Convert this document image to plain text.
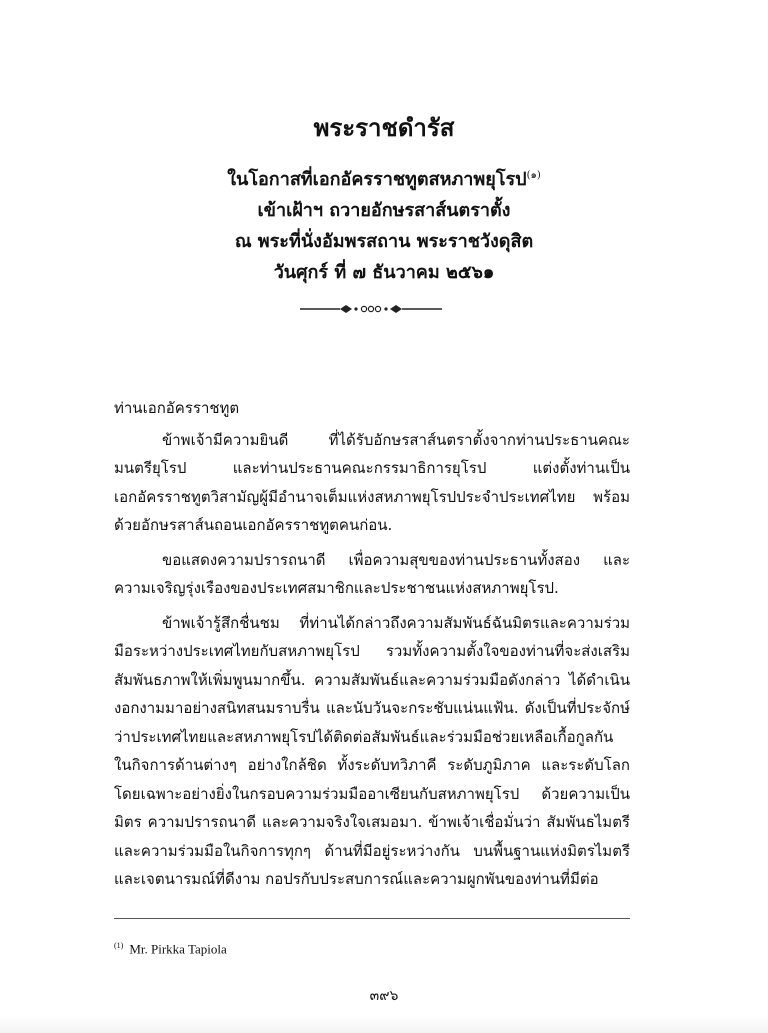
พระราชดำรัส
ในโอกาสที่เอกอัครราชทูตสหภาพยุโรป$^{(๑)}$
เข้าเฝ้าฯ ถวายอักษรสาส์นตราตั้ง
ณ พระที่นั่งอัมพรสถาน พระราชวังดุสิต
วันศุกร์ ที่ ๗ ธันวาคม ๒๕๖๑

ท่านเอกอัครราชทูต

ข้าพเจ้ามีความยินดี ที่ได้รับอักษรสาส์นตราตั้งจากท่านประธานคณะมนตรียุโรป และท่านประธานคณะกรรมาธิการยุโรป แต่งตั้งท่านเป็นเอกอัครราชทูตวิสามัญผู้มีอำนาจเต็มแห่งสหภาพยุโรปประจำประเทศไทย พร้อมด้วยอักษรสาส์นถอนเอกอัครราชทูตคนก่อน.

ขอแสดงความปรารถนาดี เพื่อความสุขของท่านประธานทั้งสอง และความเจริญรุ่งเรืองของประเทศสมาชิกและประชาชนแห่งสหภาพยุโรป.

ข้าพเจ้ารู้สึกชื่นชม ที่ท่านได้กล่าวถึงความสัมพันธ์ฉันมิตรและความร่วมมือระหว่างประเทศไทยกับสหภาพยุโรป รวมทั้งความตั้งใจของท่านที่จะส่งเสริมสัมพันธภาพให้เพิ่มพูนมากขึ้น. ความสัมพันธ์และความร่วมมือดังกล่าว ได้ดำเนินงอกงามมาอย่างสนิทสนมราบรื่น และนับวันจะกระชับแน่นแฟ้น. ดังเป็นที่ประจักษ์ว่าประเทศไทยและสหภาพยุโรปได้ติดต่อสัมพันธ์และร่วมมือช่วยเหลือเกื้อกูลกันในกิจการด้านต่างๆ อย่างใกล้ชิด ทั้งระดับทวิภาคี ระดับภูมิภาค และระดับโลก โดยเฉพาะอย่างยิ่งในกรอบความร่วมมืออาเซียนกับสหภาพยุโรป ด้วยความเป็นมิตร ความปรารถนาดี และความจริงใจเสมอมา. ข้าพเจ้าเชื่อมั่นว่า สัมพันธไมตรีและความร่วมมือในกิจการทุกๆ ด้านที่มีอยู่ระหว่างกัน บนพื้นฐานแห่งมิตรไมตรีและเจตนารมณ์ที่ดีงาม กอปรกับประสบการณ์และความผูกพันของท่านที่มีต่อ

$^{(1)}$ Mr. Pirkka Tapiola
๓๙๖
